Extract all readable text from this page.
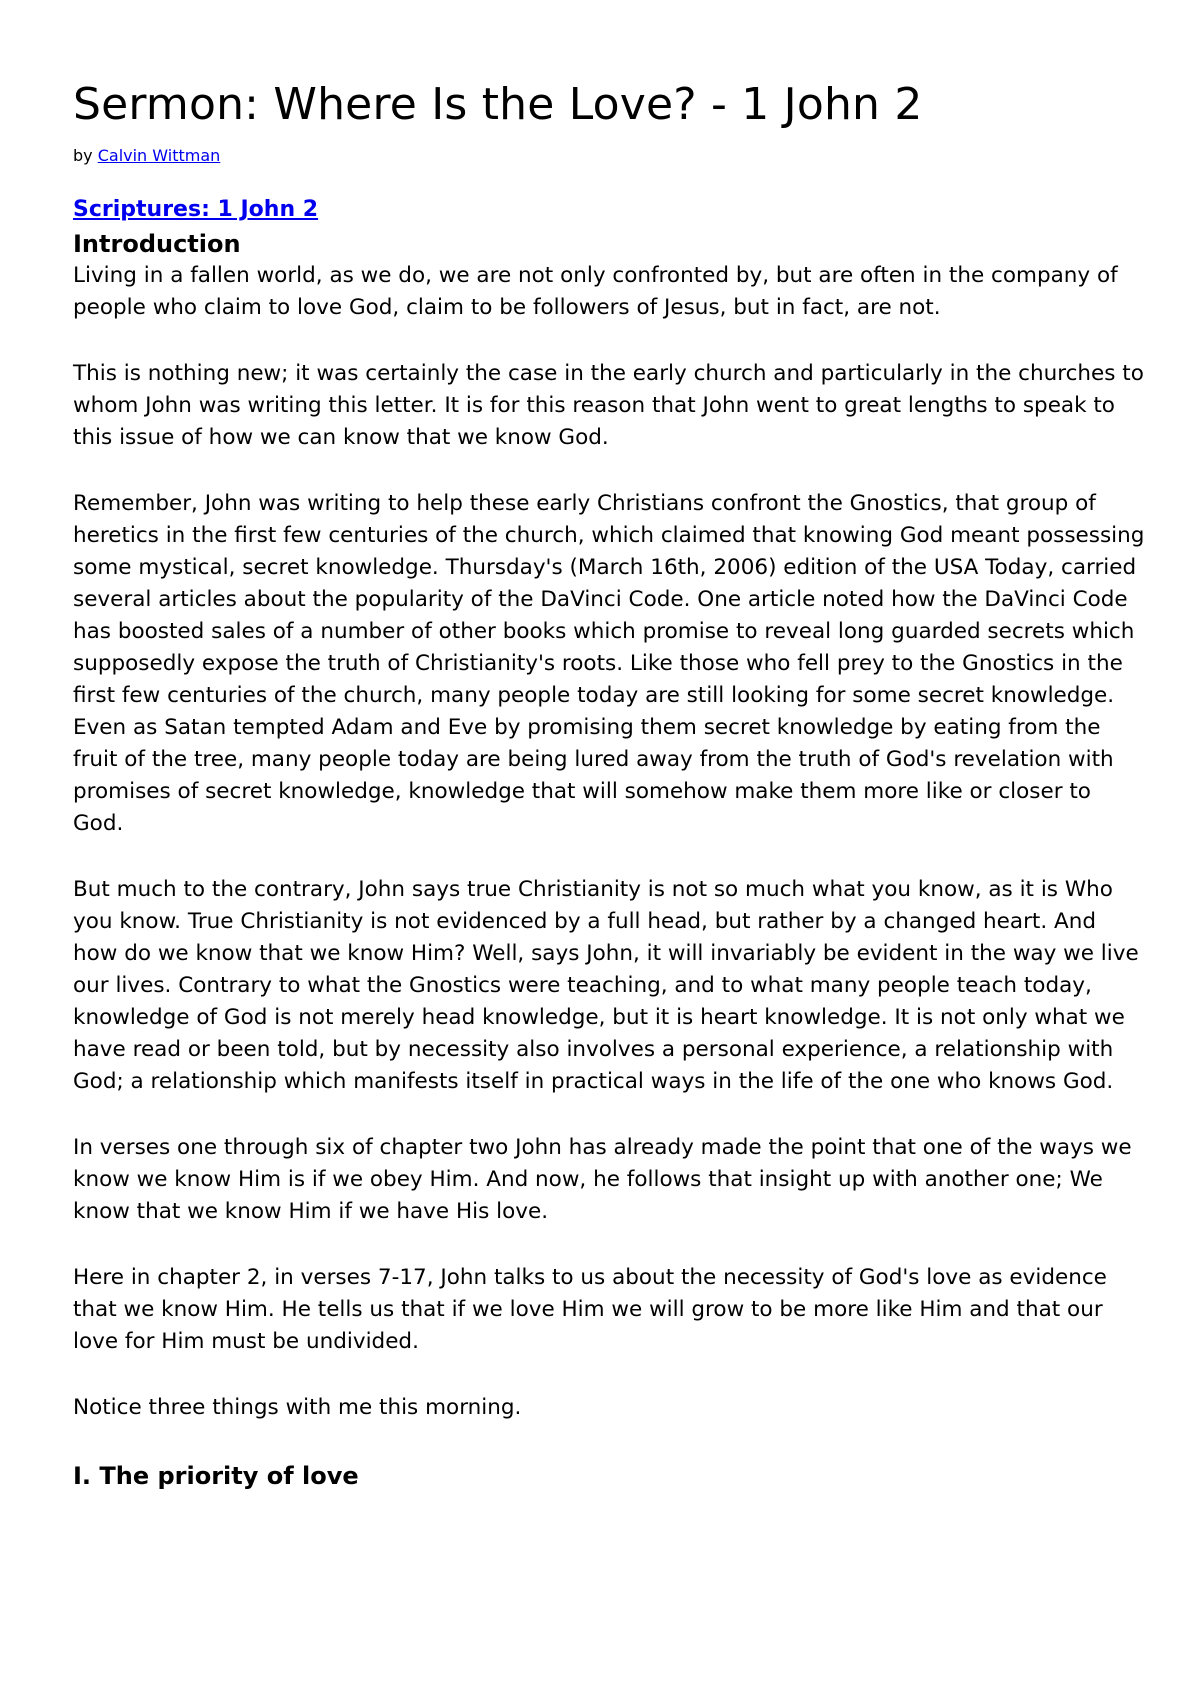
Sermon: Where Is the Love? - 1 John 2

by Calvin Wittman

Scriptures: 1 John 2

Introduction

Living in a fallen world, as we do, we are not only confronted by, but are often in the company of people who claim to love God, claim to be followers of Jesus, but in fact, are not.

This is nothing new; it was certainly the case in the early church and particularly in the churches to whom John was writing this letter. It is for this reason that John went to great lengths to speak to this issue of how we can know that we know God.

Remember, John was writing to help these early Christians confront the Gnostics, that group of heretics in the first few centuries of the church, which claimed that knowing God meant possessing some mystical, secret knowledge. Thursday's (March 16th, 2006) edition of the USA Today, carried several articles about the popularity of the DaVinci Code. One article noted how the DaVinci Code has boosted sales of a number of other books which promise to reveal long guarded secrets which supposedly expose the truth of Christianity's roots. Like those who fell prey to the Gnostics in the first few centuries of the church, many people today are still looking for some secret knowledge. Even as Satan tempted Adam and Eve by promising them secret knowledge by eating from the fruit of the tree, many people today are being lured away from the truth of God's revelation with promises of secret knowledge, knowledge that will somehow make them more like or closer to God.

But much to the contrary, John says true Christianity is not so much what you know, as it is Who you know. True Christianity is not evidenced by a full head, but rather by a changed heart. And how do we know that we know Him? Well, says John, it will invariably be evident in the way we live our lives. Contrary to what the Gnostics were teaching, and to what many people teach today, knowledge of God is not merely head knowledge, but it is heart knowledge. It is not only what we have read or been told, but by necessity also involves a personal experience, a relationship with God; a relationship which manifests itself in practical ways in the life of the one who knows God.

In verses one through six of chapter two John has already made the point that one of the ways we know we know Him is if we obey Him. And now, he follows that insight up with another one; We know that we know Him if we have His love.

Here in chapter 2, in verses 7-17, John talks to us about the necessity of God's love as evidence that we know Him. He tells us that if we love Him we will grow to be more like Him and that our love for Him must be undivided.

Notice three things with me this morning.

I. The priority of love
